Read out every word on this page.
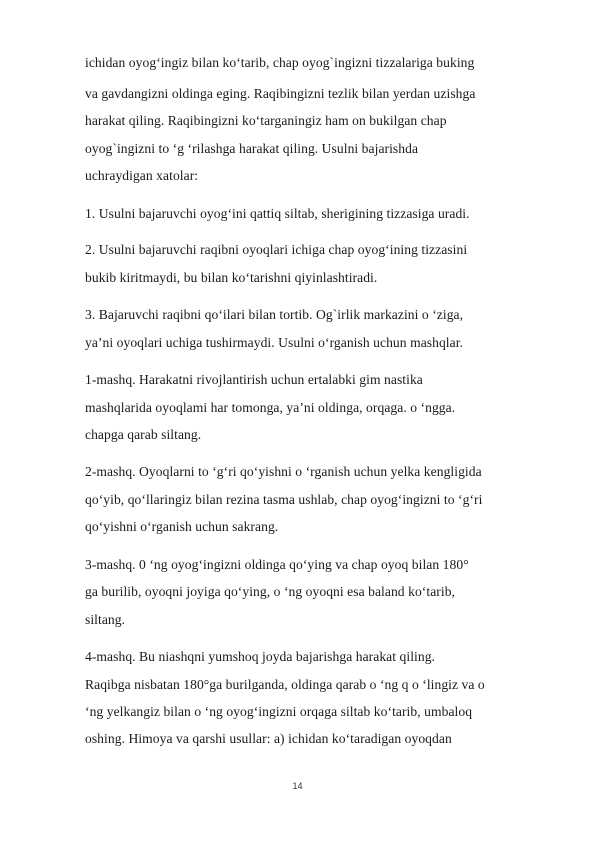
ichidan oyog‘ingiz bilan ko‘tarib, chap oyog`ingizni tizzalariga buking
va gavdangizni oldinga eging. Raqibingizni tezlik bilan yerdan uzishga
harakat qiling. Raqibingizni ko‘targaningiz ham on bukilgan chap
oyog`ingizni to ‘g ‘rilashga harakat qiling. Usulni bajarishda
uchraydigan xatolar:
1. Usulni bajaruvchi oyog‘ini qattiq siltab, sherigining tizzasiga uradi.
2. Usulni bajaruvchi raqibni oyoqlari ichiga chap oyog‘ining tizzasini
bukib kiritmaydi, bu bilan ko‘tarishni qiyinlashtiradi.
3. Bajaruvchi raqibni qo‘ilari bilan tortib. Og`irlik markazini o ‘ziga,
ya’ni oyoqlari uchiga tushirmaydi. Usulni o‘rganish uchun mashqlar.
1-mashq. Harakatni rivojlantirish uchun ertalabki gim nastika
mashqlarida oyoqlami har tomonga, ya’ni oldinga, orqaga. o ‘ngga.
chapga qarab siltang.
2-mashq. Oyoqlarni to ‘g‘ri qo‘yishni o ‘rganish uchun yelka kengligida
qo‘yib, qo‘llaringiz bilan rezina tasma ushlab, chap oyog‘ingizni to ‘g‘ri
qo‘yishni o‘rganish uchun sakrang.
3-mashq. 0 ‘ng oyog‘ingizni oldinga qo‘ying va chap oyoq bilan 180°
ga burilib, oyoqni joyiga qo‘ying, o ‘ng oyoqni esa baland ko‘tarib,
siltang.
4-mashq. Bu niashqni yumshoq joyda bajarishga harakat qiling.
Raqibga nisbatan 180°ga burilganda, oldinga qarab o ‘ng q o ‘lingiz va o
‘ng yelkangiz bilan o ‘ng oyog‘ingizni orqaga siltab ko‘tarib, umbaloq
oshing. Himoya va qarshi usullar: a) ichidan ko‘taradigan oyoqdan
14
